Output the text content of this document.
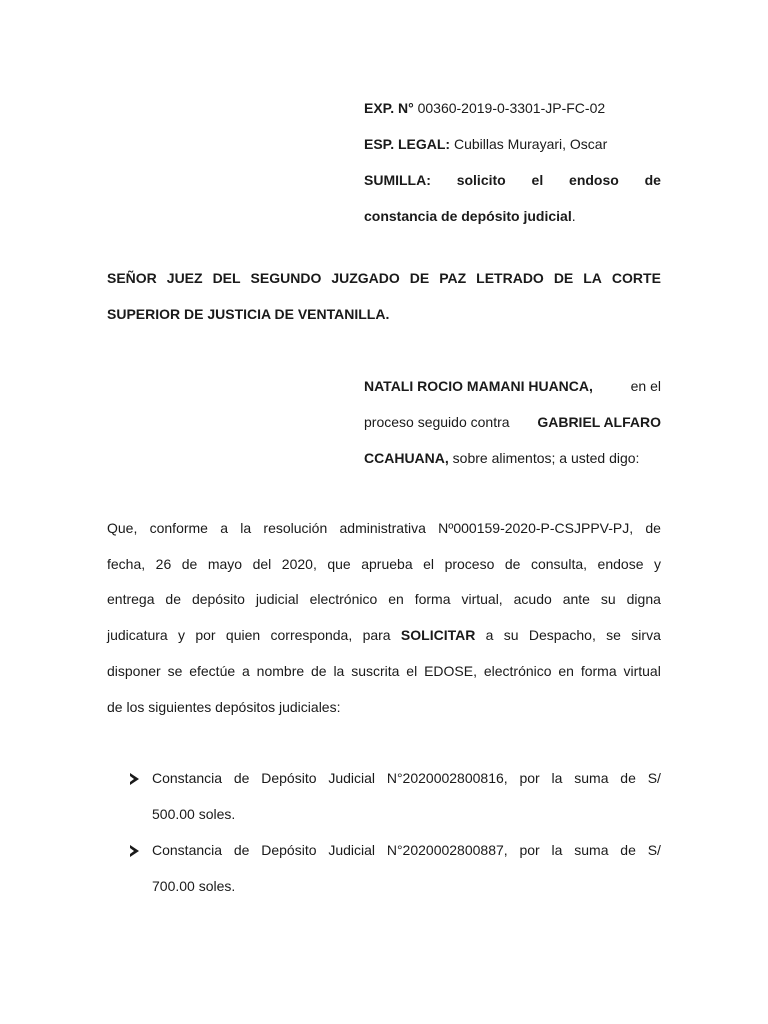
EXP. N° 00360-2019-0-3301-JP-FC-02
ESP. LEGAL: Cubillas Murayari, Oscar
SUMILLA: solicito el endoso de
constancia de depósito judicial.
SEÑOR JUEZ DEL SEGUNDO JUZGADO DE PAZ LETRADO DE LA CORTE
SUPERIOR DE JUSTICIA DE VENTANILLA.
NATALI ROCIO MAMANI HUANCA,	en el
proceso seguido contra GABRIEL ALFARO
CCAHUANA, sobre alimentos; a usted digo:
Que, conforme a la resolución administrativa Nº000159-2020-P-CSJPPV-PJ, de
fecha, 26 de mayo del 2020, que aprueba el proceso de consulta, endose y
entrega de depósito judicial electrónico en forma virtual, acudo ante su digna
judicatura y por quien corresponda, para SOLICITAR a su Despacho, se sirva
disponer se efectúe a nombre de la suscrita el EDOSE, electrónico en forma virtual
de los siguientes depósitos judiciales:
Constancia de Depósito Judicial N°2020002800816, por la suma de S/
500.00 soles.
Constancia de Depósito Judicial N°2020002800887, por la suma de S/
700.00 soles.
